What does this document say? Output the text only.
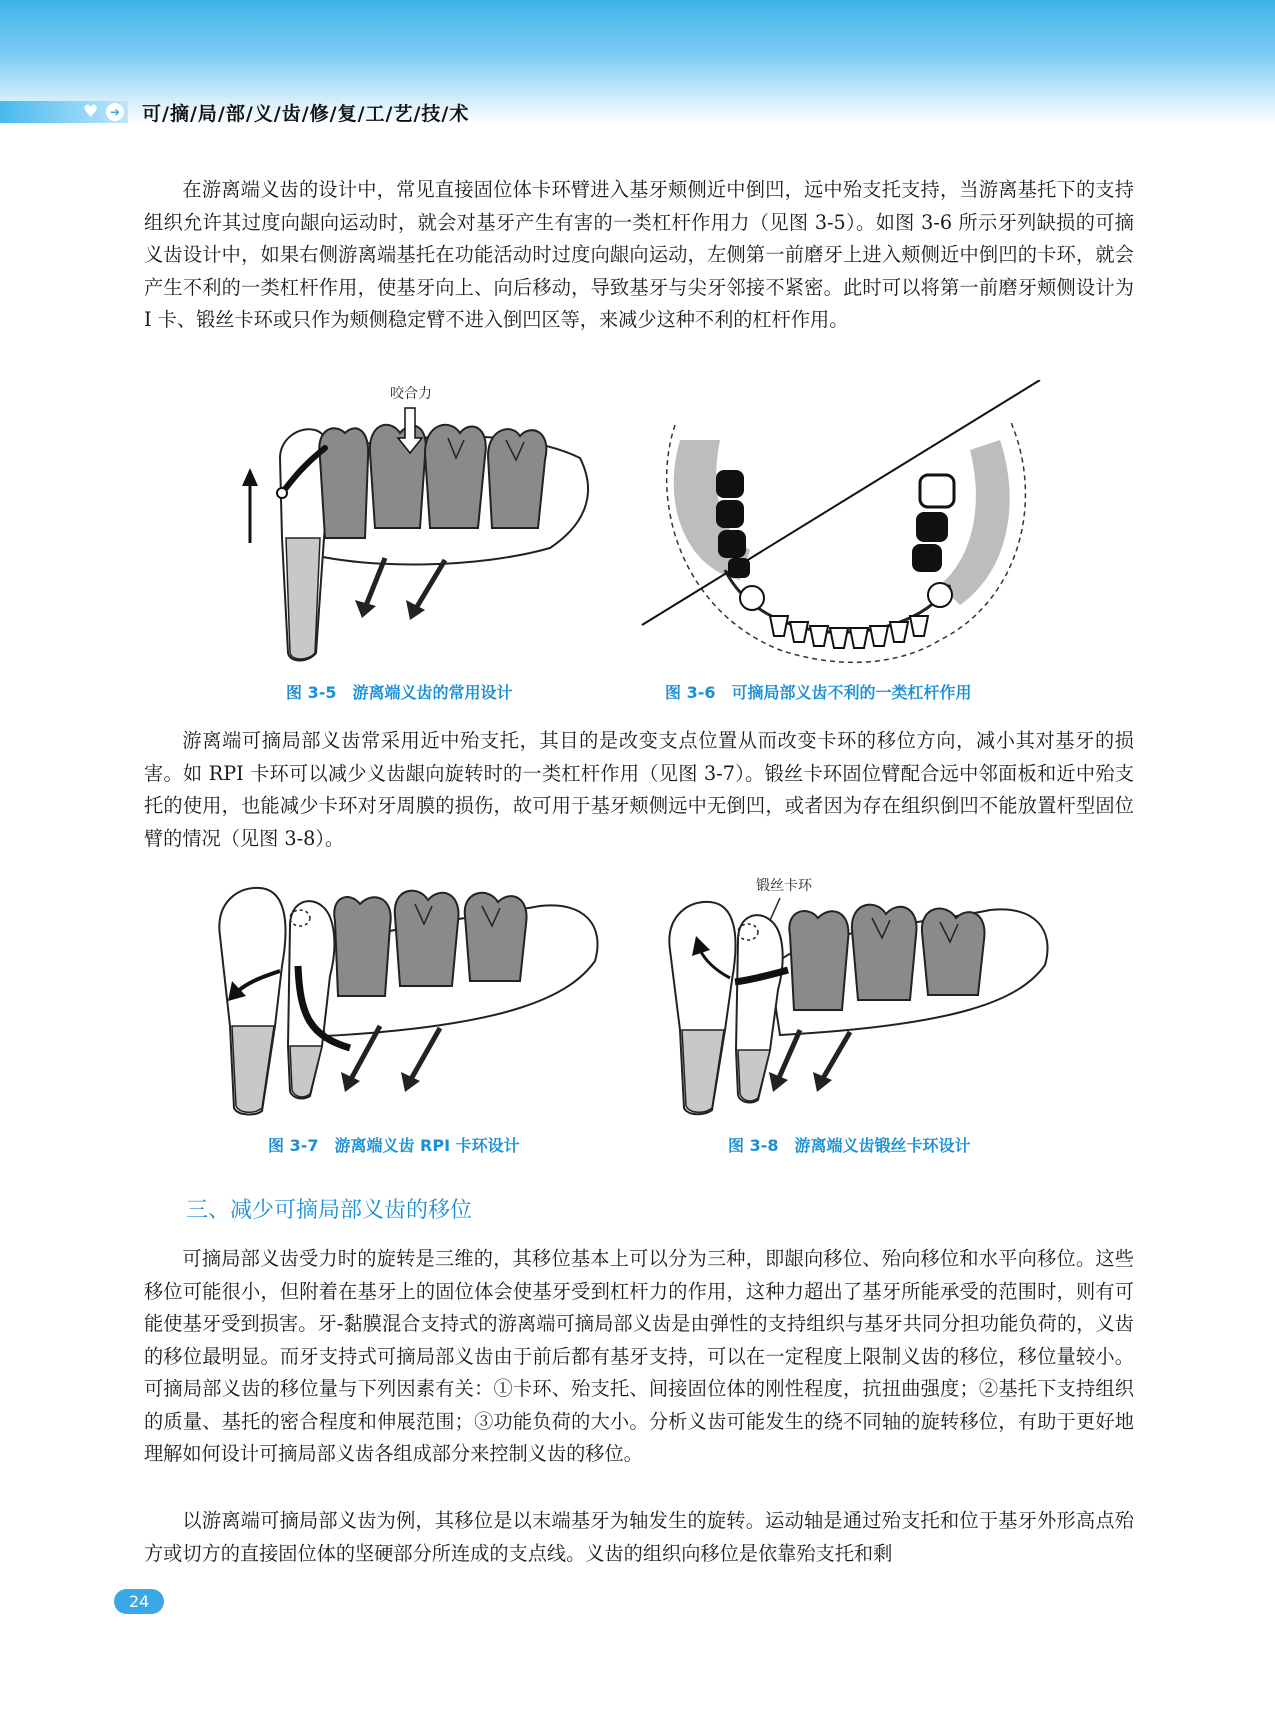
♥ ➜ 可/摘/局/部/义/齿/修/复/工/艺/技/术

在游离端义齿的设计中，常见直接固位体卡环臂进入基牙颊侧近中倒凹，远中殆支托支持，当游离基托下的支持组织允许其过度向龈向运动时，就会对基牙产生有害的一类杠杆作用力（见图 3-5）。如图 3-6 所示牙列缺损的可摘义齿设计中，如果右侧游离端基托在功能活动时过度向龈向运动，左侧第一前磨牙上进入颊侧近中倒凹的卡环，就会产生不利的一类杠杆作用，使基牙向上、向后移动，导致基牙与尖牙邻接不紧密。此时可以将第一前磨牙颊侧设计为 I 卡、锻丝卡环或只作为颊侧稳定臂不进入倒凹区等，来减少这种不利的杠杆作用。

咬合力
图 3-5　游离端义齿的常用设计	图 3-6　可摘局部义齿不利的一类杠杆作用

游离端可摘局部义齿常采用近中殆支托，其目的是改变支点位置从而改变卡环的移位方向，减小其对基牙的损害。如 RPI 卡环可以减少义齿龈向旋转时的一类杠杆作用（见图 3-7）。锻丝卡环固位臂配合远中邻面板和近中殆支托的使用，也能减少卡环对牙周膜的损伤，故可用于基牙颊侧远中无倒凹，或者因为存在组织倒凹不能放置杆型固位臂的情况（见图 3-8）。

图 3-7　游离端义齿 RPI 卡环设计
锻丝卡环
图 3-8　游离端义齿锻丝卡环设计
三、减少可摘局部义齿的移位

可摘局部义齿受力时的旋转是三维的，其移位基本上可以分为三种，即龈向移位、殆向移位和水平向移位。这些移位可能很小，但附着在基牙上的固位体会使基牙受到杠杆力的作用，这种力超出了基牙所能承受的范围时，则有可能使基牙受到损害。牙-黏膜混合支持式的游离端可摘局部义齿是由弹性的支持组织与基牙共同分担功能负荷的，义齿的移位最明显。而牙支持式可摘局部义齿由于前后都有基牙支持，可以在一定程度上限制义齿的移位，移位量较小。可摘局部义齿的移位量与下列因素有关：①卡环、殆支托、间接固位体的刚性程度，抗扭曲强度；②基托下支持组织的质量、基托的密合程度和伸展范围；③功能负荷的大小。分析义齿可能发生的绕不同轴的旋转移位，有助于更好地理解如何设计可摘局部义齿各组成部分来控制义齿的移位。

以游离端可摘局部义齿为例，其移位是以末端基牙为轴发生的旋转。运动轴是通过殆支托和位于基牙外形高点殆方或切方的直接固位体的坚硬部分所连成的支点线。义齿的组织向移位是依靠殆支托和剩

24
